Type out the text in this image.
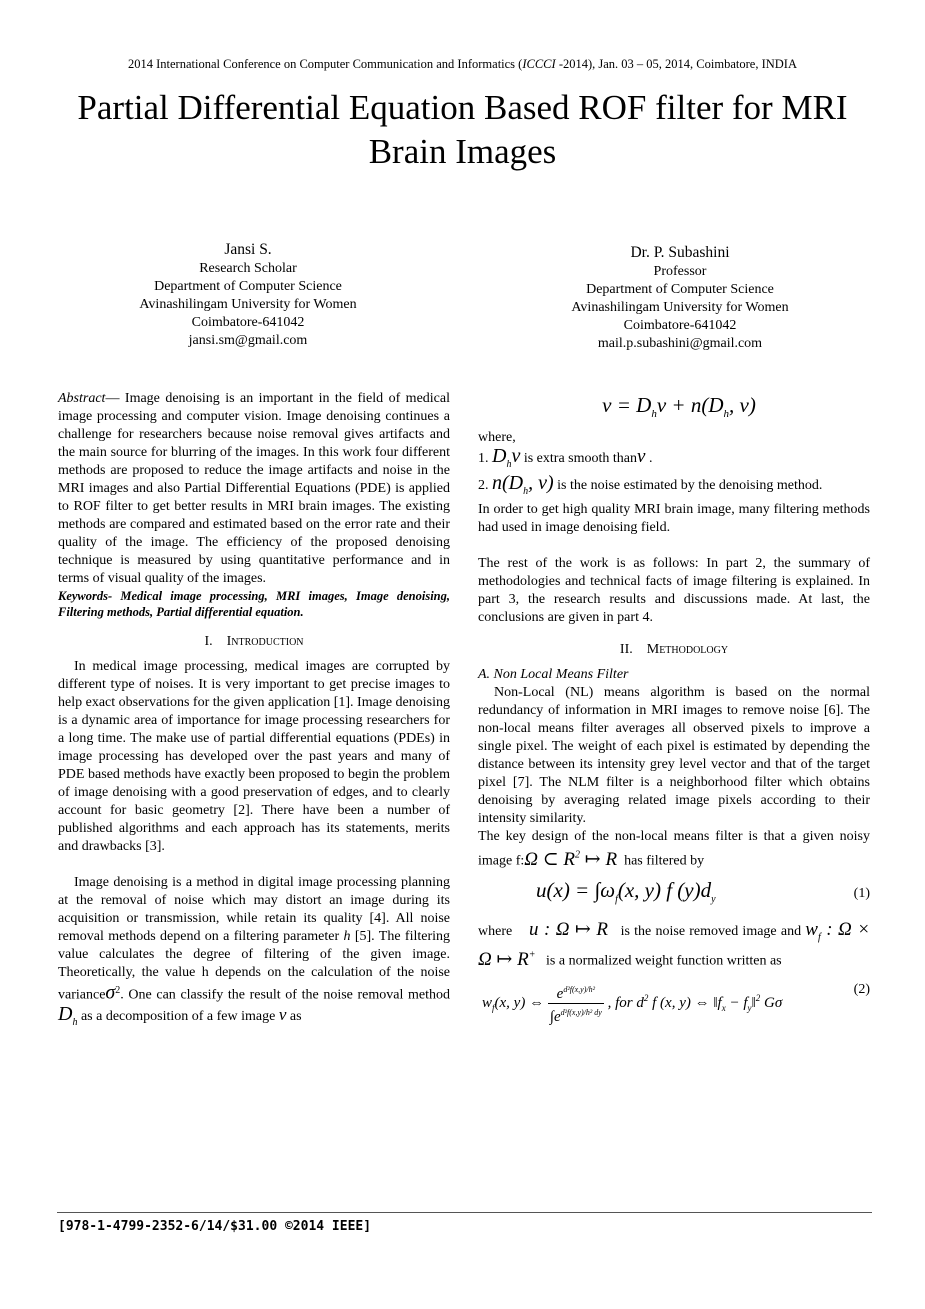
2014 International Conference on Computer Communication and Informatics (ICCCI -2014), Jan. 03 – 05, 2014, Coimbatore, INDIA
Partial Differential Equation Based ROF filter for MRI Brain Images
Jansi S.
Research Scholar
Department of Computer Science
Avinashilingam University for Women
Coimbatore-641042
jansi.sm@gmail.com
Dr. P. Subashini
Professor
Department of Computer Science
Avinashilingam University for Women
Coimbatore-641042
mail.p.subashini@gmail.com

Abstract— Image denoising is an important in the field of medical image processing and computer vision. Image denoising continues a challenge for researchers because noise removal gives artifacts and the main source for blurring of the images. In this work four different methods are proposed to reduce the image artifacts and noise in the MRI images and also Partial Differential Equations (PDE) is applied to ROF filter to get better results in MRI brain images. The existing methods are compared and estimated based on the error rate and their quality of the image. The efficiency of the proposed denoising technique is measured by using quantitative performance and in terms of visual quality of the images.

Keywords- Medical image processing, MRI images, Image denoising, Filtering methods, Partial differential equation.

I. Introduction

In medical image processing, medical images are corrupted by different type of noises. It is very important to get precise images to help exact observations for the given application [1]. Image denoising is a dynamic area of importance for image processing researchers for a long time. The make use of partial differential equations (PDEs) in image processing has developed over the past years and many of PDE based methods have exactly been proposed to begin the problem of image denoising with a good preservation of edges, and to clearly account for basic geometry [2]. There have been a number of published algorithms and each approach has its statements, merits and drawbacks [3].

Image denoising is a method in digital image processing planning at the removal of noise which may distort an image during its acquisition or transmission, while retain its quality [4]. All noise removal methods depend on a filtering parameter h [5]. The filtering value calculates the degree of filtering of the given image. Theoretically, the value h depends on the calculation of the noise varianceσ$^2$. One can classify the result of the noise removal method $D_h$ as a decomposition of a few image ν as

$v = D_h\nu + n(D_h$, ν)

where,

1. $D_h\nu$ is extra smooth thanν .

2. $n(D_h$, ν) is the noise estimated by the denoising method.

In order to get high quality MRI brain image, many filtering methods had used in image denoising field.

The rest of the work is as follows: In part 2, the summary of methodologies and technical facts of image filtering is explained. In part 3, the research results and discussions made. At last, the conclusions are given in part 4.

II. Methodology

A. Non Local Means Filter

Non-Local (NL) means algorithm is based on the normal redundancy of information in MRI images to remove noise [6]. The non-local means filter averages all observed pixels to improve a single pixel. The weight of each pixel is estimated by depending the distance between its intensity grey level vector and that of the target pixel [7]. The NLM filter is a neighborhood filter which obtains denoising by averaging related image pixels according to their intensity similarity.

The key design of the non-local means filter is that a given noisy image f:Ω ⊂ $R^2$ ↦ R has filtered by

$u(x) = \int\omega_f(x$, y) f $(y)d_y$	(1)

where u : Ω ↦ R is the noise removed image and $w_f$ : Ω × Ω ↦ R+ is a normalized weight function written as

$w_f(x$, y) ⇔ $\frac{e^{d^2f(x,y)/h^2}}{\int e^{d^2f(x,y)/h^2 dy}}$ , for $d^2$ f (x, y) ⇔ $‖f_x$ − $f_y‖^2$ Gσ
(2)
[978-1-4799-2352-6/14/$31.00 ©2014 IEEE]
